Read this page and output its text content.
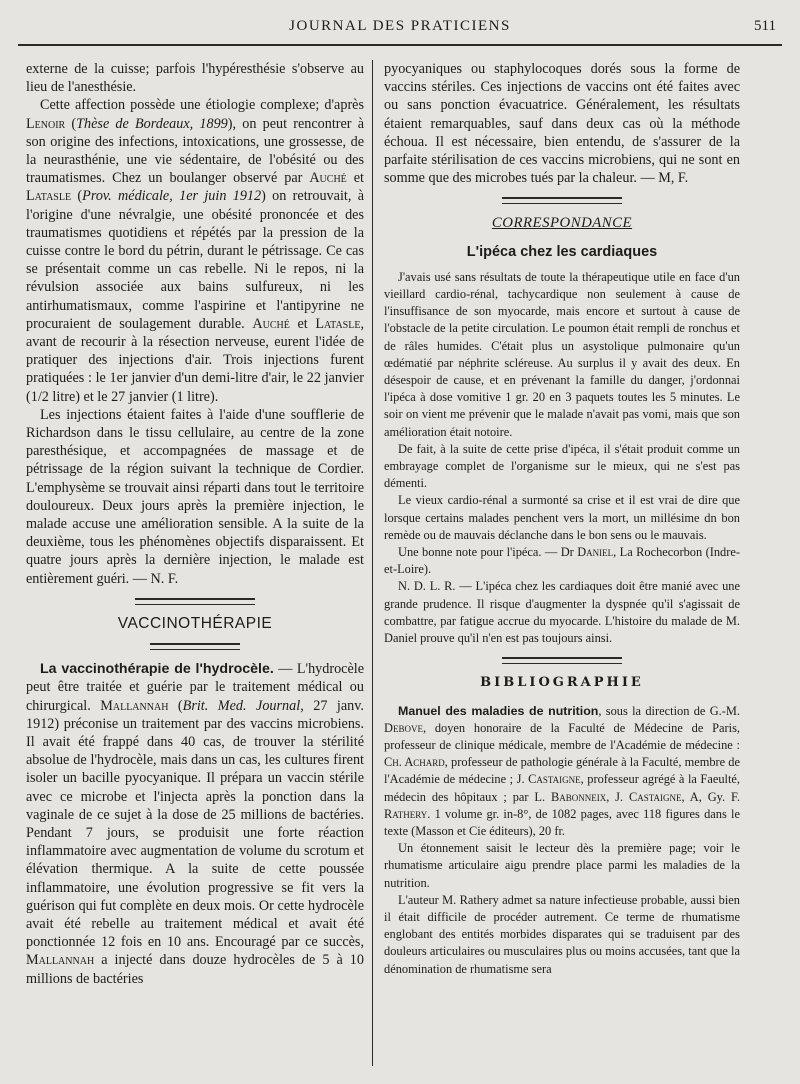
JOURNAL DES PRATICIENS	511

externe de la cuisse; parfois l'hypéresthésie s'observe au lieu de l'anesthésie.

Cette affection possède une étiologie complexe; d'après Lenoir (Thèse de Bordeaux, 1899), on peut rencontrer à son origine des infections, intoxications, une grossesse, de la neurasthénie, une vie sédentaire, de l'obésité ou des traumatismes. Chez un boulanger observé par Auché et Latasle (Prov. médicale, 1er juin 1912) on retrouvait, à l'origine d'une névralgie, une obésité prononcée et des traumatismes quotidiens et répétés par la pression de la cuisse contre le bord du pétrin, durant le pétrissage. Ce cas se présentait comme un cas rebelle. Ni le repos, ni la révulsion associée aux bains sulfureux, ni les antirhumatismaux, comme l'aspirine et l'antipyrine ne procuraient de soulagement durable. Auché et Latasle, avant de recourir à la résection nerveuse, eurent l'idée de pratiquer des injections d'air. Trois injections furent pratiquées : le 1er janvier d'un demi-litre d'air, le 22 janvier (1/2 litre) et le 27 janvier (1 litre).

Les injections étaient faites à l'aide d'une soufflerie de Richardson dans le tissu cellulaire, au centre de la zone paresthésique, et accompagnées de massage et de pétrissage de la région suivant la technique de Cordier. L'emphysème se trouvait ainsi réparti dans tout le territoire douloureux. Deux jours après la première injection, le malade accuse une amélioration sensible. A la suite de la deuxième, tous les phénomènes objectifs disparaissent. Et quatre jours après la dernière injection, le malade est entièrement guéri. — N. F.

VACCINOTHÉRAPIE

La vaccinothérapie de l'hydrocèle. — L'hydrocèle peut être traitée et guérie par le traitement médical ou chirurgical. Mallannah (Brit. Med. Journal, 27 janv. 1912) préconise un traitement par des vaccins microbiens. Il avait été frappé dans 40 cas, de trouver la stérilité absolue de l'hydrocèle, mais dans un cas, les cultures firent isoler un bacille pyocyanique. Il prépara un vaccin stérile avec ce microbe et l'injecta après la ponction dans la vaginale de ce sujet à la dose de 25 millions de bactéries. Pendant 7 jours, se produisit une forte réaction inflammatoire avec augmentation de volume du scrotum et élévation thermique. A la suite de cette poussée inflammatoire, une évolution progressive se fit vers la guérison qui fut complète en deux mois. Or cette hydrocèle avait été rebelle au traitement médical et avait été ponctionnée 12 fois en 10 ans. Encouragé par ce succès, Mallannah a injecté dans douze hydrocèles de 5 à 10 millions de bactéries

pyocyaniques ou staphylocoques dorés sous la forme de vaccins stériles. Ces injections de vaccins ont été faites avec ou sans ponction évacuatrice. Généralement, les résultats étaient remarquables, sauf dans deux cas où la méthode échoua. Il est nécessaire, bien entendu, de s'assurer de la parfaite stérilisation de ces vaccins microbiens, qui ne sont en somme que des microbes tués par la chaleur. — M, F.

CORRESPONDANCE
L'ipéca chez les cardiaques

J'avais usé sans résultats de toute la thérapeutique utile en face d'un vieillard cardio-rénal, tachycardique non seulement à cause de l'insuffisance de son myocarde, mais encore et surtout à cause de l'obstacle de la petite circulation. Le poumon était rempli de ronchus et de râles humides. C'était plus un asystolique pulmonaire qu'un œdématié par néphrite scléreuse. Au surplus il y avait des deux. En désespoir de cause, et en prévenant la famille du danger, j'ordonnai l'ipéca à dose vomitive 1 gr. 20 en 3 paquets toutes les 5 minutes. Le soir on vient me prévenir que le malade n'avait pas vomi, mais que son amélioration était notoire.

De fait, à la suite de cette prise d'ipéca, il s'était produit comme un embrayage complet de l'organisme sur le mieux, qui ne s'est pas démenti.

Le vieux cardio-rénal a surmonté sa crise et il est vrai de dire que lorsque certains malades penchent vers la mort, un millésime dn bon remède ou de mauvais déclanche dans le bon sens ou le mauvais.

Une bonne note pour l'ipéca. — Dr Daniel, La Rochecorbon (Indre-et-Loire).

N. D. L. R. — L'ipéca chez les cardiaques doit être manié avec une grande prudence. Il risque d'augmenter la dyspnée qu'il s'agissait de combattre, par fatigue accrue du myocarde. L'histoire du malade de M. Daniel prouve qu'il n'en est pas toujours ainsi.

BIBLIOGRAPHIE

Manuel des maladies de nutrition, sous la direction de G.-M. Debove, doyen honoraire de la Faculté de Médecine de Paris, professeur de clinique médicale, membre de l'Académie de médecine : Ch. Achard, professeur de pathologie générale à la Faculté, membre de l'Académie de médecine ; J. Castaigne, professeur agrégé à la Faeulté, médecin des hôpitaux ; par L. Babonneix, J. Castaigne, A, Gy. F. Rathery. 1 volume gr. in-8°, de 1082 pages, avec 118 figures dans le texte (Masson et Cie éditeurs), 20 fr.

Un étonnement saisit le lecteur dès la première page; voir le rhumatisme articulaire aigu prendre place parmi les maladies de la nutrition.

L'auteur M. Rathery admet sa nature infectieuse probable, aussi bien il était difficile de procéder autrement. Ce terme de rhumatisme englobant des entités morbides disparates qui se traduisent par des douleurs articulaires ou musculaires plus ou moins accusées, tant que la dénomination de rhumatisme sera
